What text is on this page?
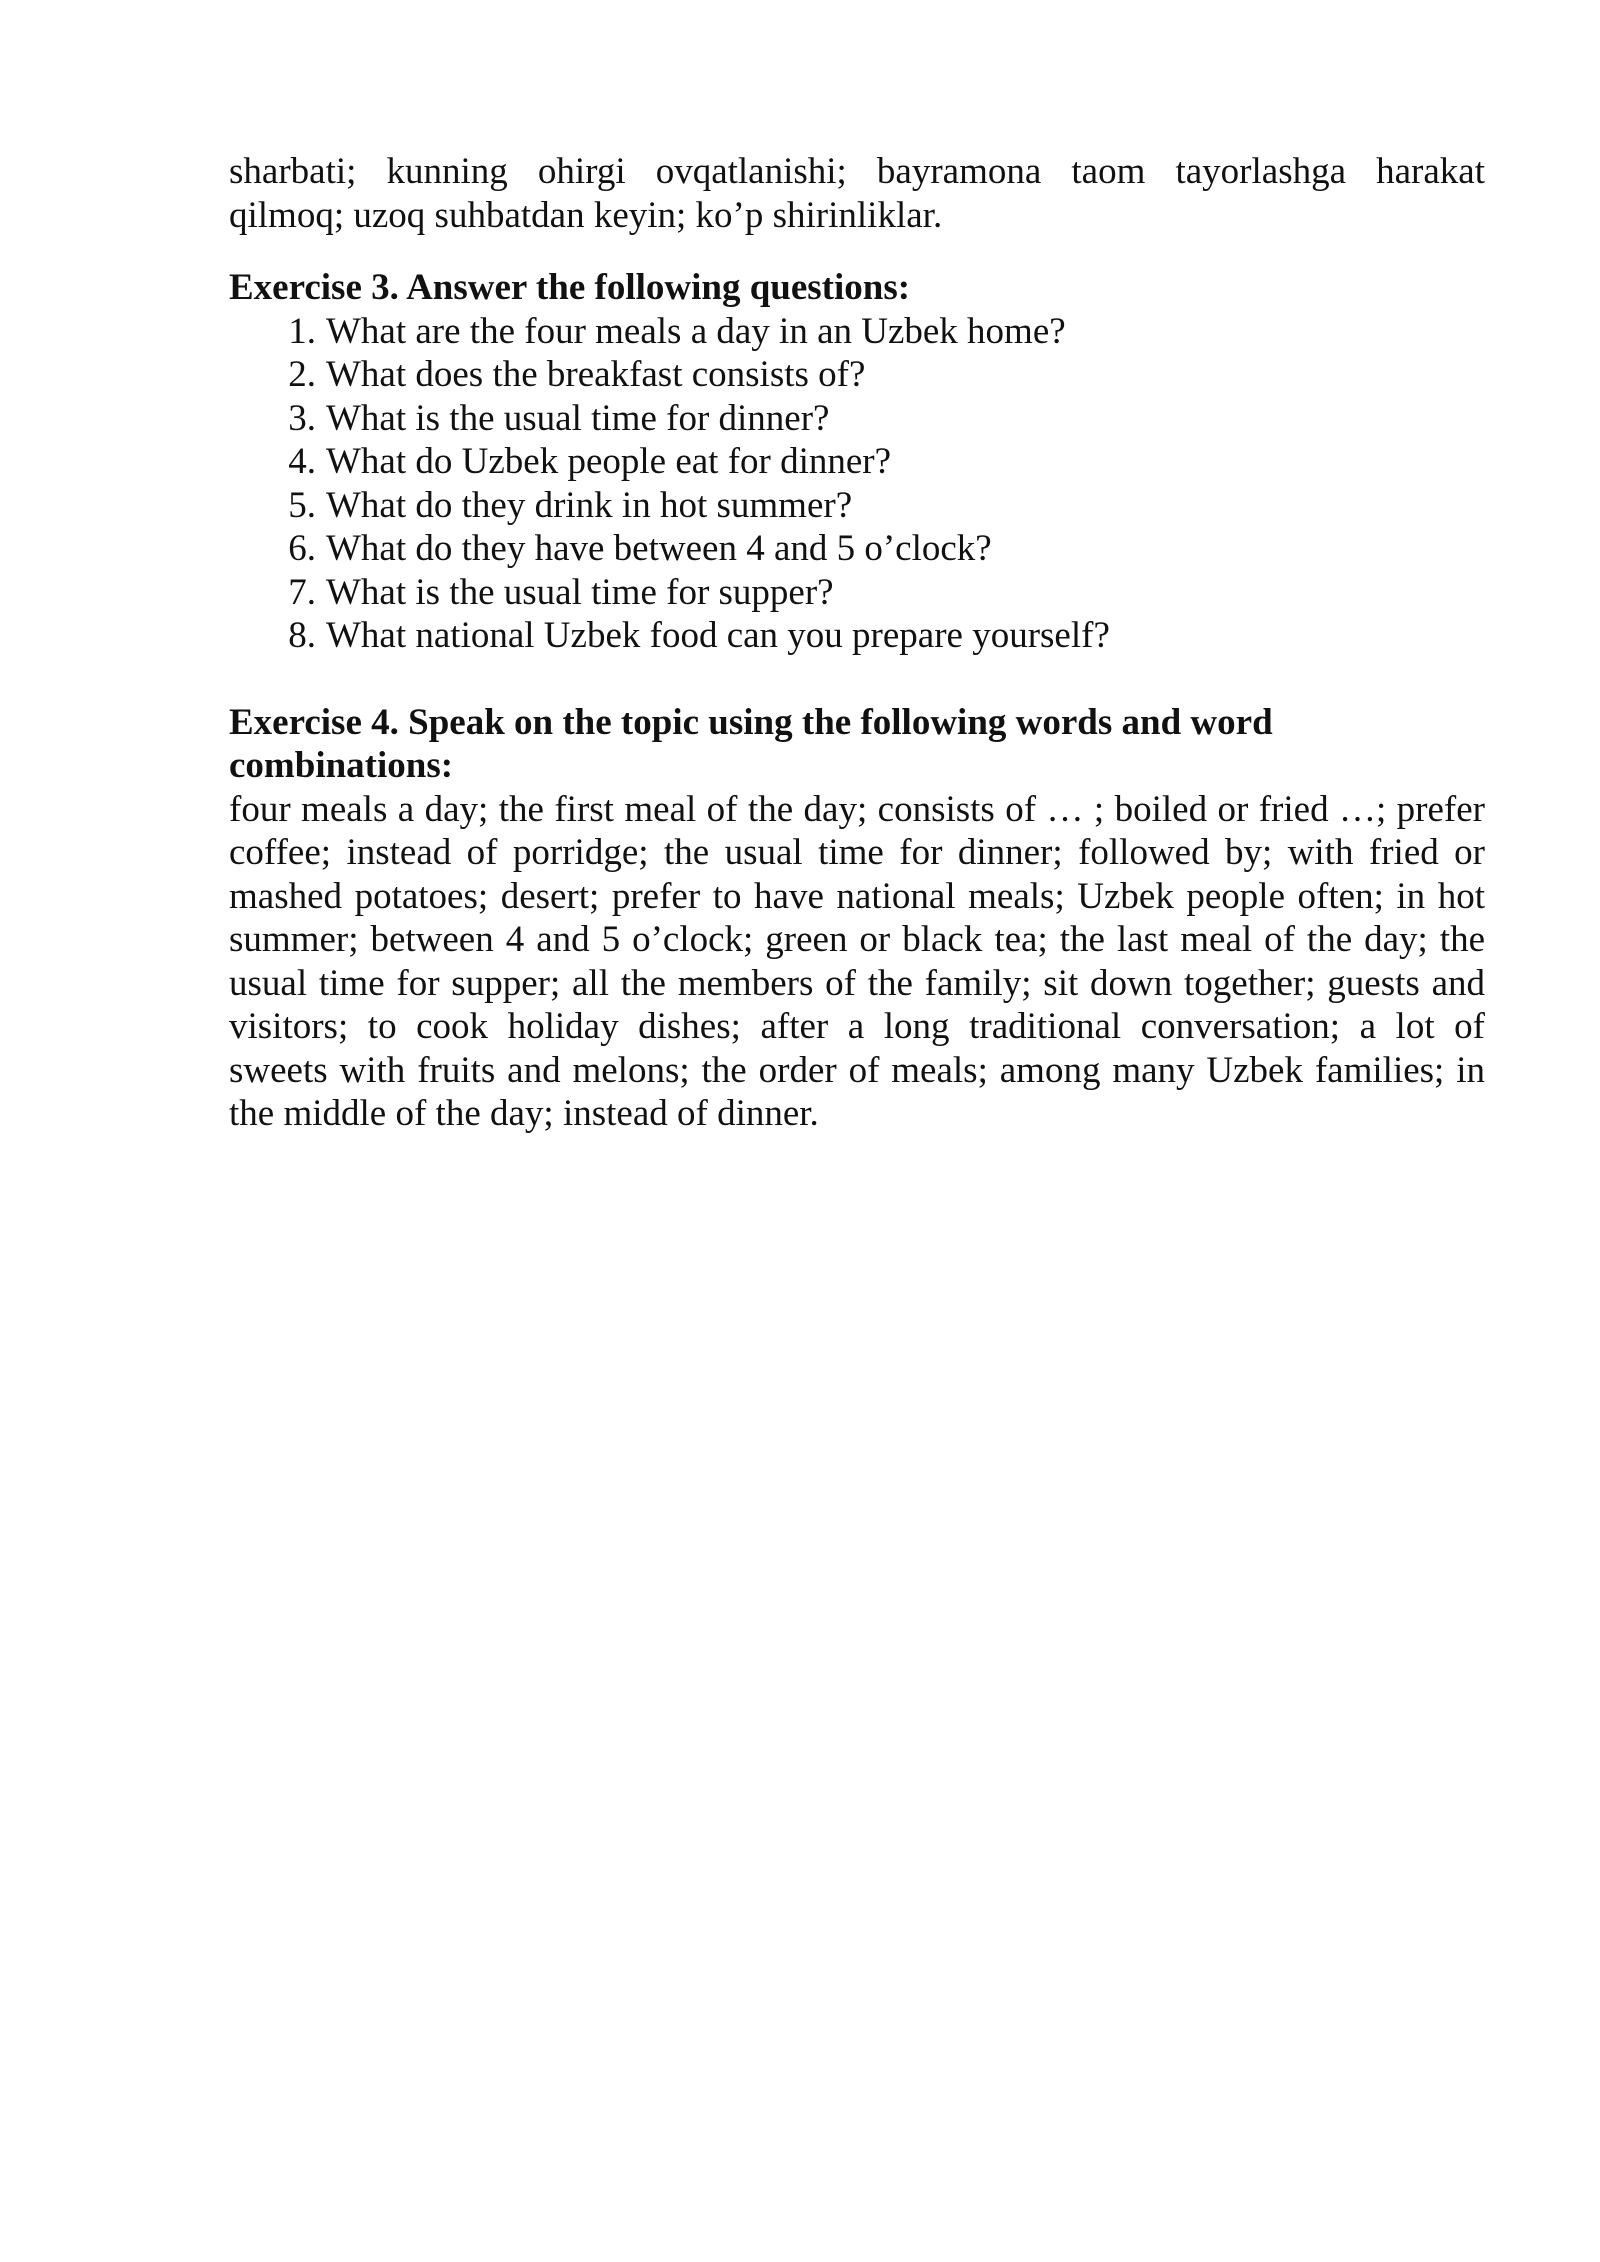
sharbati; kunning ohirgi ovqatlanishi; bayramona taom tayorlashga harakat
qilmoq; uzoq suhbatdan keyin; ko’p shirinliklar.

Exercise 3. Answer the following questions:

1. What are the four meals a day in an Uzbek home?
2. What does the breakfast consists of?
3. What is the usual time for dinner?
4. What do Uzbek people eat for dinner?
5. What do they drink in hot summer?
6. What do they have between 4 and 5 o’clock?
7. What is the usual time for supper?
8. What national Uzbek food can you prepare yourself?
Exercise 4. Speak on the topic using the following words and word
combinations:
four meals a day; the first meal of the day; consists of … ; boiled or fried …; prefer
coffee; instead of porridge; the usual time for dinner; followed by; with fried or
mashed potatoes; desert; prefer to have national meals; Uzbek people often; in hot
summer; between 4 and 5 o’clock; green or black tea; the last meal of the day; the
usual time for supper; all the members of the family; sit down together; guests and
visitors; to cook holiday dishes; after a long traditional conversation; a lot of
sweets with fruits and melons; the order of meals; among many Uzbek families; in
the middle of the day; instead of dinner.
